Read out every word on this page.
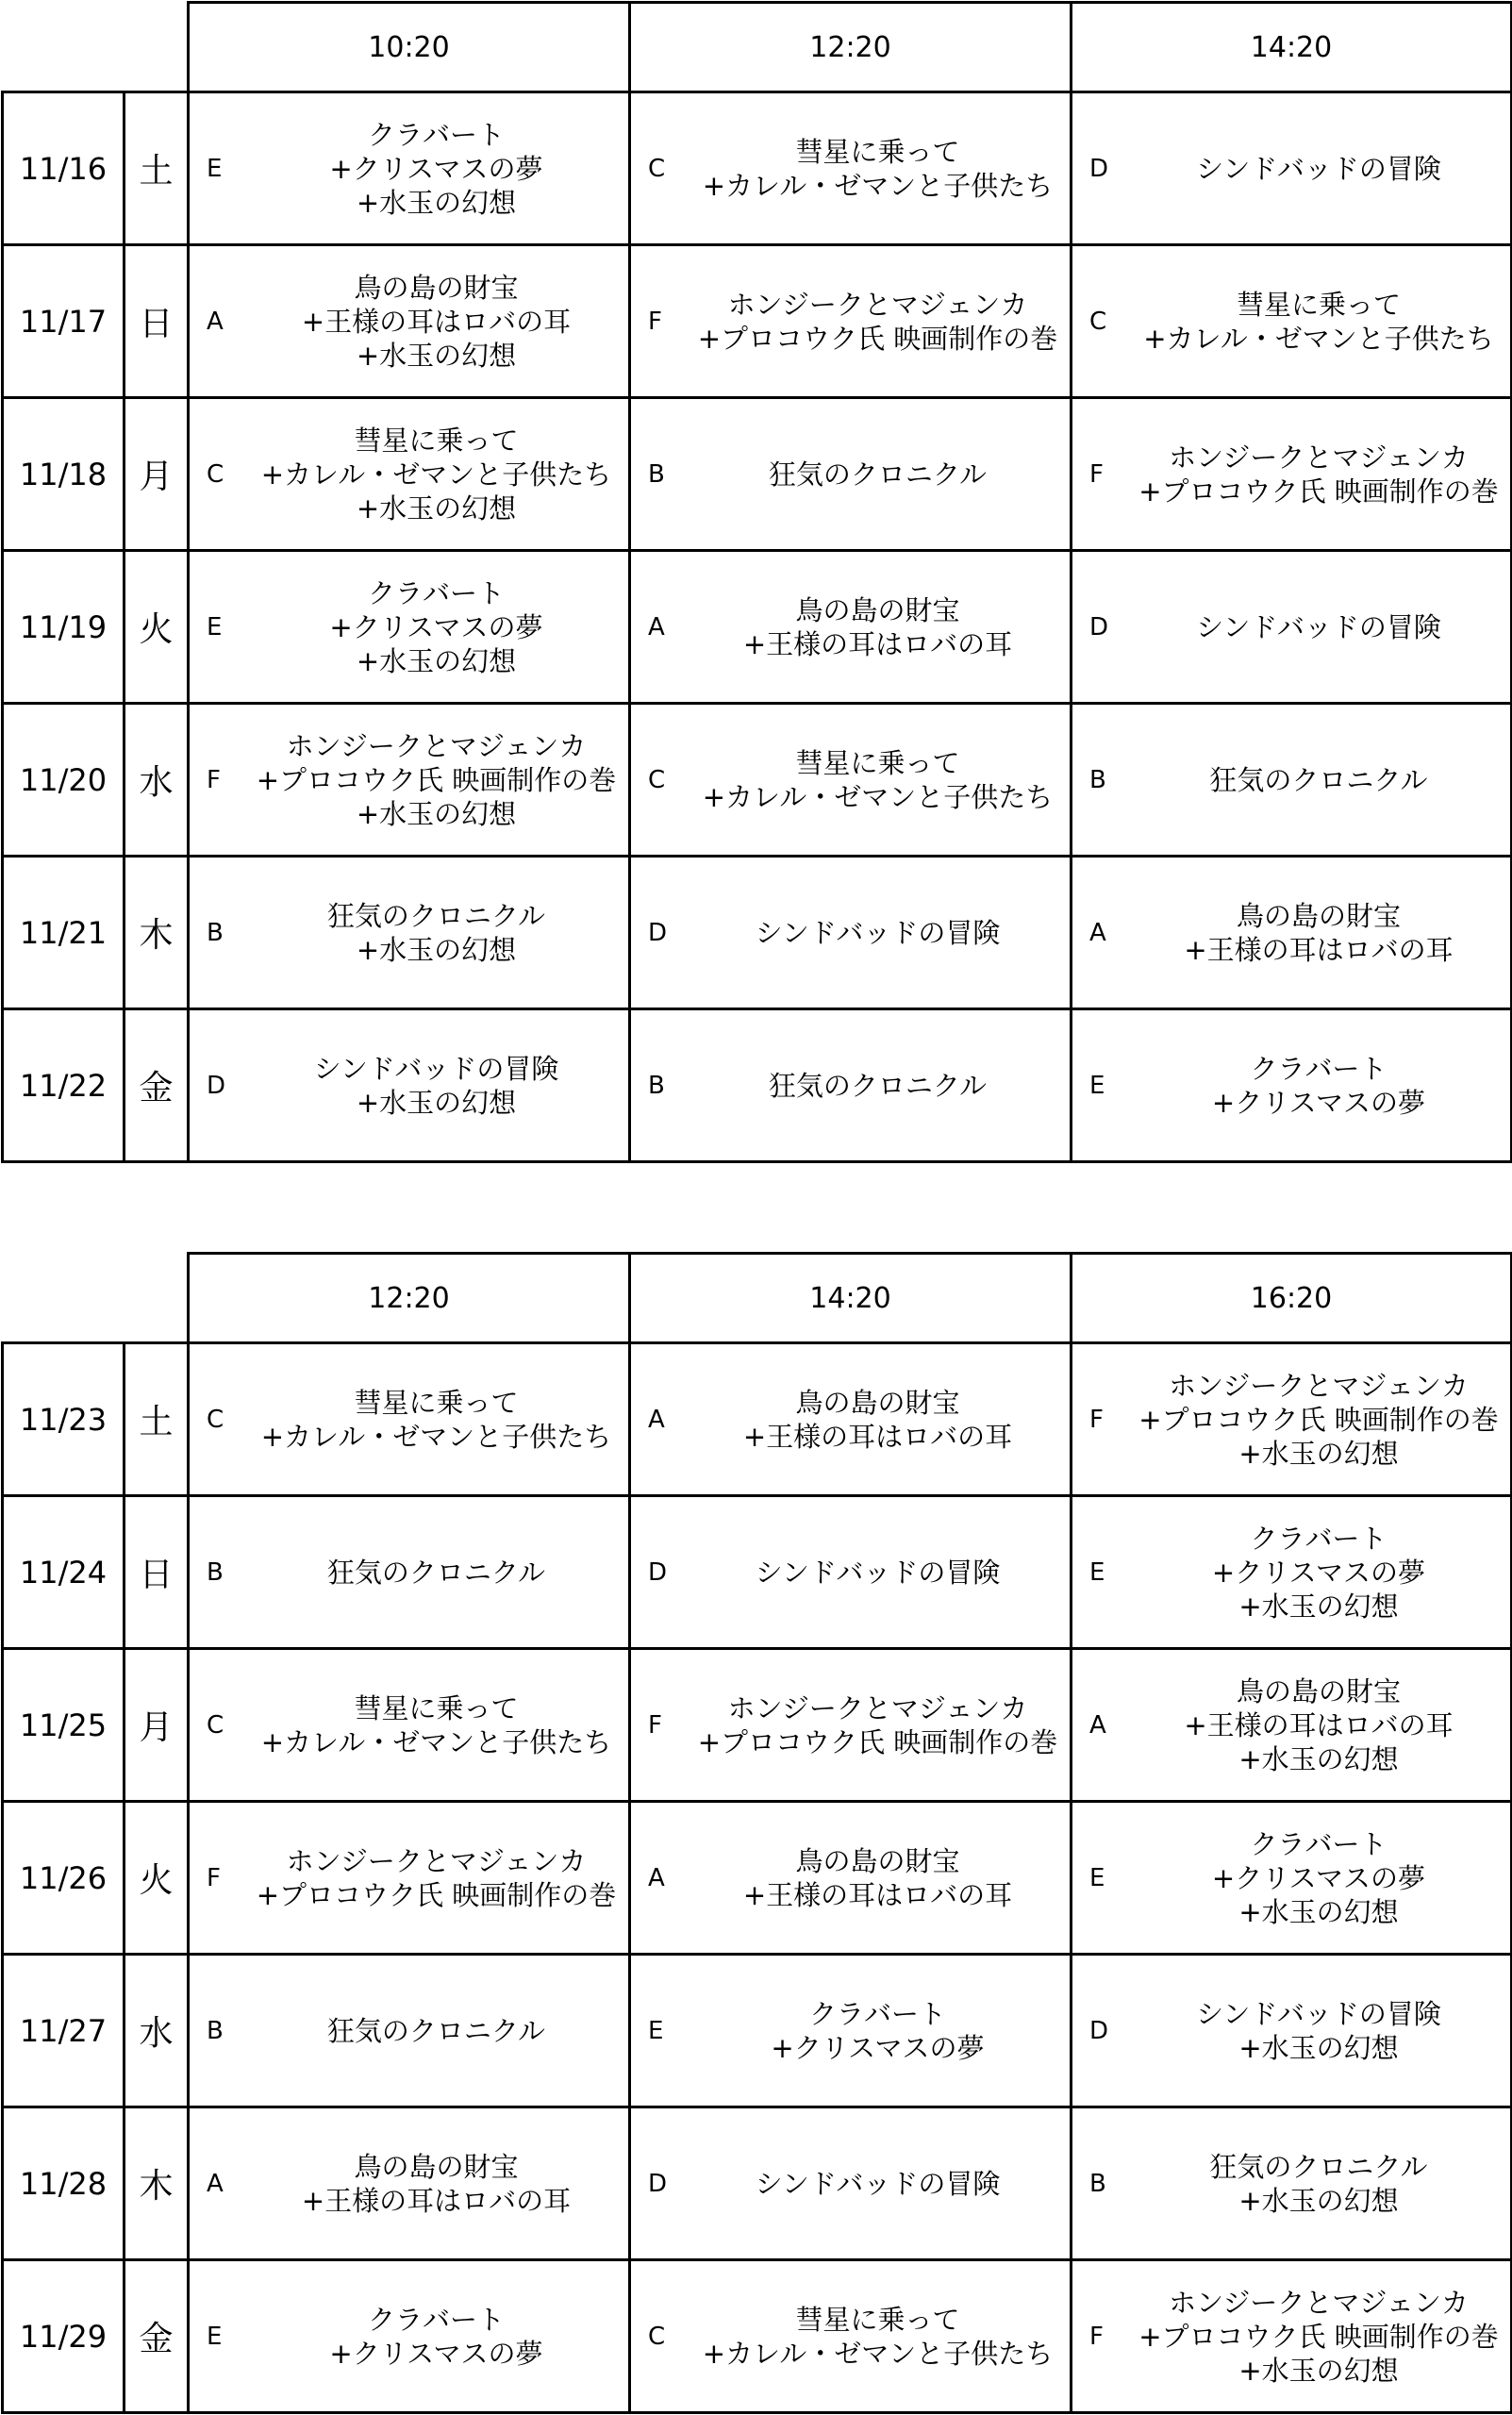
		10:20	12:20	14:20
11/16	土	E
クラバート
+クリスマスの夢
+水玉の幻想	C
彗星に乗って
+カレル・ゼマンと子供たち	D シンドバッドの冒険

11/17	日	A
鳥の島の財宝
+王様の耳はロバの耳
+水玉の幻想	F
ホンジークとマジェンカ
+プロコウク氏 映画制作の巻	C
彗星に乗って
+カレル・ゼマンと子供たち

11/18	月	C
彗星に乗って
+カレル・ゼマンと子供たち
+水玉の幻想	B 狂気のクロニクル	F
ホンジークとマジェンカ
+プロコウク氏 映画制作の巻

11/19	火	E
クラバート
+クリスマスの夢
+水玉の幻想	A
鳥の島の財宝
+王様の耳はロバの耳	D シンドバッドの冒険

11/20	水	F
ホンジークとマジェンカ
+プロコウク氏 映画制作の巻
+水玉の幻想	C
彗星に乗って
+カレル・ゼマンと子供たち	B 狂気のクロニクル

11/21	木	B
狂気のクロニクル
+水玉の幻想	D シンドバッドの冒険	A
鳥の島の財宝
+王様の耳はロバの耳

11/22	金	D
シンドバッドの冒険
+水玉の幻想	B 狂気のクロニクル	E
クラバート
+クリスマスの夢
		12:20	14:20	16:20
11/23	土	C
彗星に乗って
+カレル・ゼマンと子供たち	A
鳥の島の財宝
+王様の耳はロバの耳	F
ホンジークとマジェンカ
+プロコウク氏 映画制作の巻
+水玉の幻想

11/24	日	B 狂気のクロニクル	D シンドバッドの冒険	E
クラバート
+クリスマスの夢
+水玉の幻想

11/25	月	C
彗星に乗って
+カレル・ゼマンと子供たち	F
ホンジークとマジェンカ
+プロコウク氏 映画制作の巻	A
鳥の島の財宝
+王様の耳はロバの耳
+水玉の幻想

11/26	火	F
ホンジークとマジェンカ
+プロコウク氏 映画制作の巻	A
鳥の島の財宝
+王様の耳はロバの耳	E
クラバート
+クリスマスの夢
+水玉の幻想

11/27	水	B 狂気のクロニクル	E
クラバート
+クリスマスの夢	D
シンドバッドの冒険
+水玉の幻想

11/28	木	A
鳥の島の財宝
+王様の耳はロバの耳	D シンドバッドの冒険	B
狂気のクロニクル
+水玉の幻想

11/29	金	E
クラバート
+クリスマスの夢	C
彗星に乗って
+カレル・ゼマンと子供たち	F
ホンジークとマジェンカ
+プロコウク氏 映画制作の巻
+水玉の幻想
